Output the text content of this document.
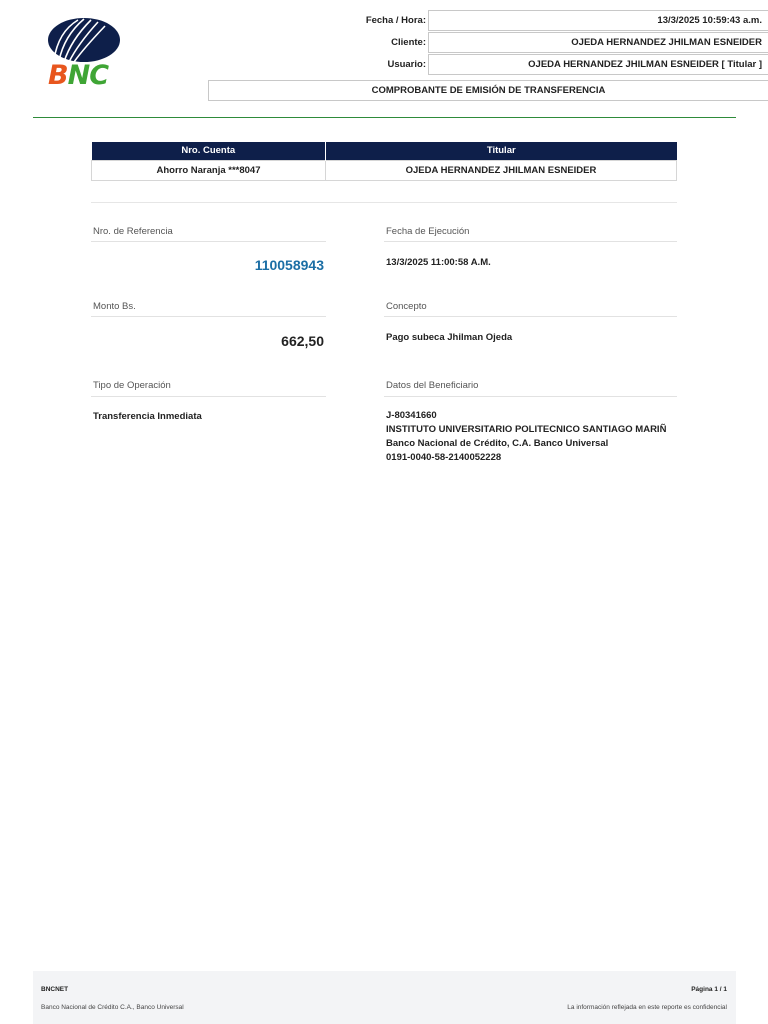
BNC
Fecha / Hora:	13/3/2025 10:59:43 a.m.
Cliente:	OJEDA HERNANDEZ JHILMAN ESNEIDER
Usuario:	OJEDA HERNANDEZ JHILMAN ESNEIDER [ Titular ]
COMPROBANTE DE EMISIÓN DE TRANSFERENCIA
Nro. Cuenta	Titular
Ahorro Naranja ***8047	OJEDA HERNANDEZ JHILMAN ESNEIDER
Nro. de Referencia
110058943
Monto Bs.
662,50
Tipo de Operación
Transferencia Inmediata
Fecha de Ejecución
13/3/2025 11:00:58 A.M.
Concepto
Pago subeca Jhilman Ojeda
Datos del Beneficiario
J-80341660
INSTITUTO UNIVERSITARIO POLITECNICO SANTIAGO MARIÑ
Banco Nacional de Crédito, C.A. Banco Universal
0191-0040-58-2140052228
BNCNET	Página 1 / 1
Banco Nacional de Crédito C.A., Banco Universal	La información reflejada en este reporte es confidencial
